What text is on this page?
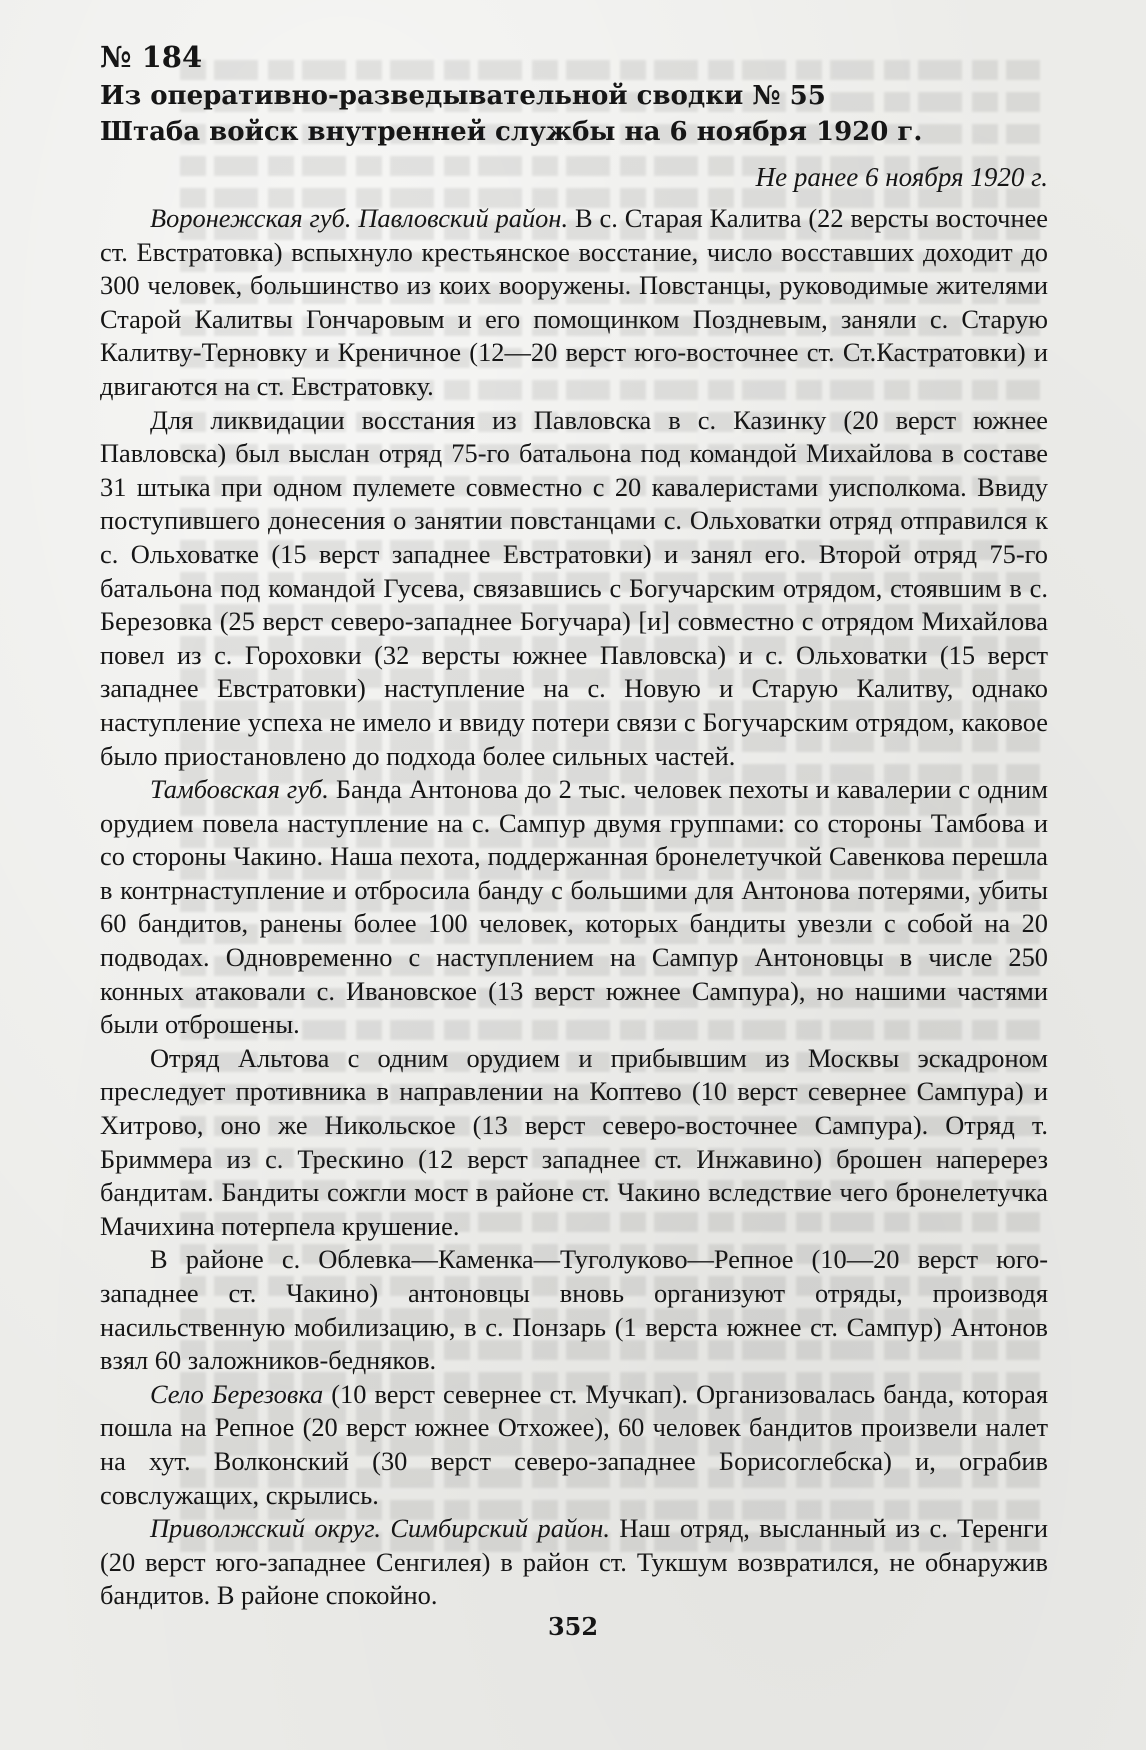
№ 184
Из оперативно-разведывательной сводки № 55
Штаба войск внутренней службы на 6 ноября 1920 г.
Не ранее 6 ноября 1920 г.

Воронежская губ. Павловский район. В с. Старая Калитва (22 версты восточнее ст. Евстратовка) вспыхнуло крестьянское восстание, число восставших доходит до 300 человек, большинство из коих вооружены. Повстанцы, руководимые жителями Старой Калитвы Гончаровым и его помощинком Поздневым, заняли с. Старую Калитву-Терновку и Креничное (12—20 верст юго-восточнее ст. Ст.Кастратовки) и двигаются на ст. Евстратовку.

Для ликвидации восстания из Павловска в с. Казинку (20 верст южнее Павловска) был выслан отряд 75-го батальона под командой Михайлова в составе 31 штыка при одном пулемете совместно с 20 кавалеристами уисполкома. Ввиду поступившего донесения о занятии повстанцами с. Ольховатки отряд отправился к с. Ольховатке (15 верст западнее Евстратовки) и занял его. Второй отряд 75-го батальона под командой Гусева, связавшись с Богучарским отрядом, стоявшим в с. Березовка (25 верст северо-западнее Богучара) [и] совместно с отрядом Михайлова повел из с. Гороховки (32 версты южнее Павловска) и с. Ольховатки (15 верст западнее Евстратовки) наступление на с. Новую и Старую Калитву, однако наступление успеха не имело и ввиду потери связи с Богучарским отрядом, каковое было приостановлено до подхода более сильных частей.

Тамбовская губ. Банда Антонова до 2 тыс. человек пехоты и кавалерии с одним орудием повела наступление на с. Сампур двумя группами: со стороны Тамбова и со стороны Чакино. Наша пехота, поддержанная бронелетучкой Савенкова перешла в контрнаступление и отбросила банду с большими для Антонова потерями, убиты 60 бандитов, ранены более 100 человек, которых бандиты увезли с собой на 20 подводах. Одновременно с наступлением на Сампур Антоновцы в числе 250 конных атаковали с. Ивановское (13 верст южнее Сампура), но нашими частями были отброшены.

Отряд Альтова с одним орудием и прибывшим из Москвы эскадроном преследует противника в направлении на Коптево (10 верст севернее Сампура) и Хитрово, оно же Никольское (13 верст северо-восточнее Сампура). Отряд т. Бриммера из с. Трескино (12 верст западнее ст. Инжавино) брошен наперерез бандитам. Бандиты сожгли мост в районе ст. Чакино вследствие чего бронелетучка Мачихина потерпела крушение.

В районе с. Облевка—Каменка—Туголуково—Репное (10—20 верст юго-западнее ст. Чакино) антоновцы вновь организуют отряды, производя насильственную мобилизацию, в с. Понзарь (1 верста южнее ст. Сампур) Антонов взял 60 заложников-бедняков.

Село Березовка (10 верст севернее ст. Мучкап). Организовалась банда, которая пошла на Репное (20 верст южнее Отхожее), 60 человек бандитов произвели налет на хут. Волконский (30 верст северо-западнее Борисоглебска) и, ограбив совслужащих, скрылись.

Приволжский округ. Симбирский район. Наш отряд, высланный из с. Теренги (20 верст юго-западнее Сенгилея) в район ст. Тукшум возвратился, не обнаружив бандитов. В районе спокойно.

352
